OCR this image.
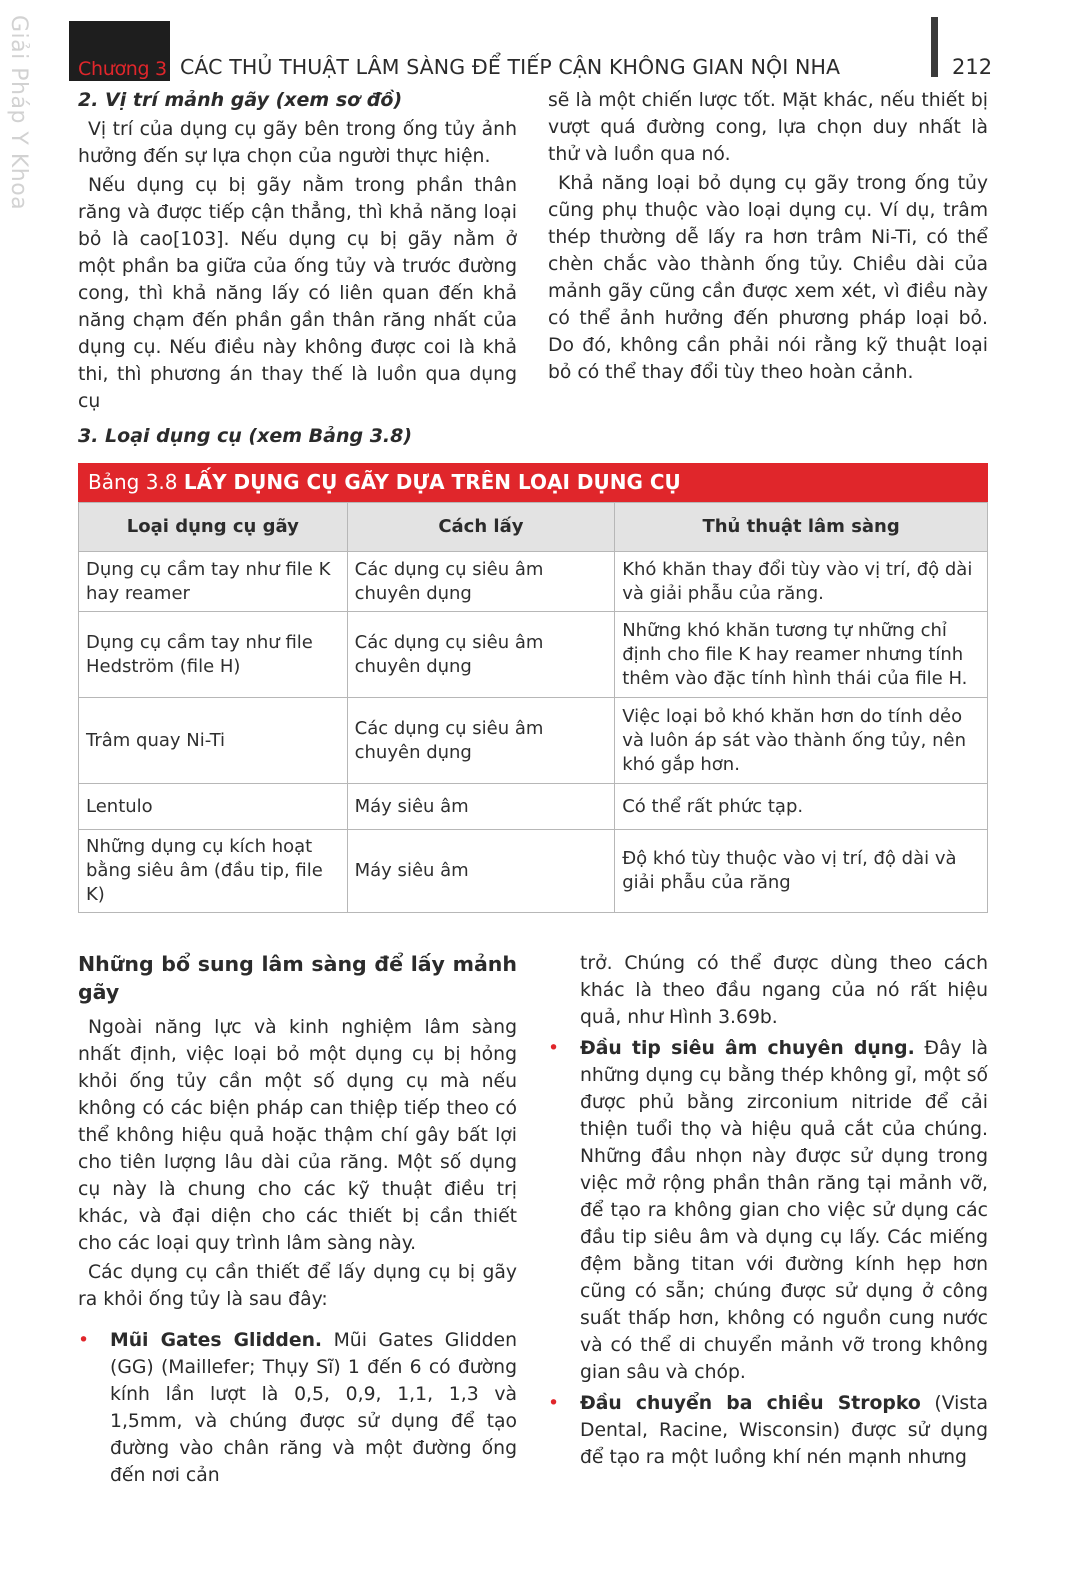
Giải Pháp Y Khoa Chương 3 CÁC THỦ THUẬT LÂM SÀNG ĐỂ TIẾP CẬN KHÔNG GIAN NỘI NHA	212

2. Vị trí mảnh gãy (xem sơ đồ)

Vị trí của dụng cụ gãy bên trong ống tủy ảnh hưởng đến sự lựa chọn của người thực hiện.

Nếu dụng cụ bị gãy nằm trong phần thân răng và được tiếp cận thẳng, thì khả năng loại bỏ là cao[103]. Nếu dụng cụ bị gãy nằm ở một phần ba giữa của ống tủy và trước đường cong, thì khả năng lấy có liên quan đến khả năng chạm đến phần gần thân răng nhất của dụng cụ. Nếu điều này không được coi là khả thi, thì phương án thay thế là luồn qua dụng cụ

sẽ là một chiến lược tốt. Mặt khác, nếu thiết bị vượt quá đường cong, lựa chọn duy nhất là thử và luồn qua nó.

Khả năng loại bỏ dụng cụ gãy trong ống tủy cũng phụ thuộc vào loại dụng cụ. Ví dụ, trâm thép thường dễ lấy ra hơn trâm Ni-Ti, có thể chèn chắc vào thành ống tủy. Chiều dài của mảnh gãy cũng cần được xem xét, vì điều này có thể ảnh hưởng đến phương pháp loại bỏ. Do đó, không cần phải nói rằng kỹ thuật loại bỏ có thể thay đổi tùy theo hoàn cảnh.

3. Loại dụng cụ (xem Bảng 3.8)
Bảng 3.8 LẤY DỤNG CỤ GÃY DỰA TRÊN LOẠI DỤNG CỤ
Loại dụng cụ gãy	Cách lấy	Thủ thuật lâm sàng
Dụng cụ cầm tay như file K hay reamer	Các dụng cụ siêu âm chuyên dụng	Khó khăn thay đổi tùy vào vị trí, độ dài và giải phẫu của răng.
Dụng cụ cầm tay như file Hedström (file H)	Các dụng cụ siêu âm chuyên dụng	Những khó khăn tương tự những chỉ định cho file K hay reamer nhưng tính thêm vào đặc tính hình thái của file H.
Trâm quay Ni-Ti	Các dụng cụ siêu âm chuyên dụng	Việc loại bỏ khó khăn hơn do tính dẻo và luôn áp sát vào thành ống tủy, nên khó gắp hơn.
Lentulo	Máy siêu âm	Có thể rất phức tạp.
Những dụng cụ kích hoạt bằng siêu âm (đầu tip, file K)	Máy siêu âm	Độ khó tùy thuộc vào vị trí, độ dài và giải phẫu của răng

Những bổ sung lâm sàng để lấy mảnh gãy

Ngoài năng lực và kinh nghiệm lâm sàng nhất định, việc loại bỏ một dụng cụ bị hỏng khỏi ống tủy cần một số dụng cụ mà nếu không có các biện pháp can thiệp tiếp theo có thể không hiệu quả hoặc thậm chí gây bất lợi cho tiên lượng lâu dài của răng. Một số dụng cụ này là chung cho các kỹ thuật điều trị khác, và đại diện cho các thiết bị cần thiết cho các loại quy trình lâm sàng này.

Các dụng cụ cần thiết để lấy dụng cụ bị gãy ra khỏi ống tủy là sau đây:

• Mũi Gates Glidden. Mũi Gates Glidden (GG) (Maillefer; Thụy Sĩ) 1 đến 6 có đường kính lần lượt là 0,5, 0,9, 1,1, 1,3 và 1,5mm, và chúng được sử dụng để tạo đường vào chân răng và một đường ống đến nơi cản

trở. Chúng có thể được dùng theo cách khác là theo đầu ngang của nó rất hiệu quả, như Hình 3.69b.

• Đầu tip siêu âm chuyên dụng. Đây là những dụng cụ bằng thép không gỉ, một số được phủ bằng zirconium nitride để cải thiện tuổi thọ và hiệu quả cắt của chúng. Những đầu nhọn này được sử dụng trong việc mở rộng phần thân răng tại mảnh vỡ, để tạo ra không gian cho việc sử dụng các đầu tip siêu âm và dụng cụ lấy. Các miếng đệm bằng titan với đường kính hẹp hơn cũng có sẵn; chúng được sử dụng ở công suất thấp hơn, không có nguồn cung nước và có thể di chuyển mảnh vỡ trong không gian sâu và chóp.
• Đầu chuyển ba chiều Stropko (Vista Dental, Racine, Wisconsin) được sử dụng để tạo ra một luồng khí nén mạnh nhưng
